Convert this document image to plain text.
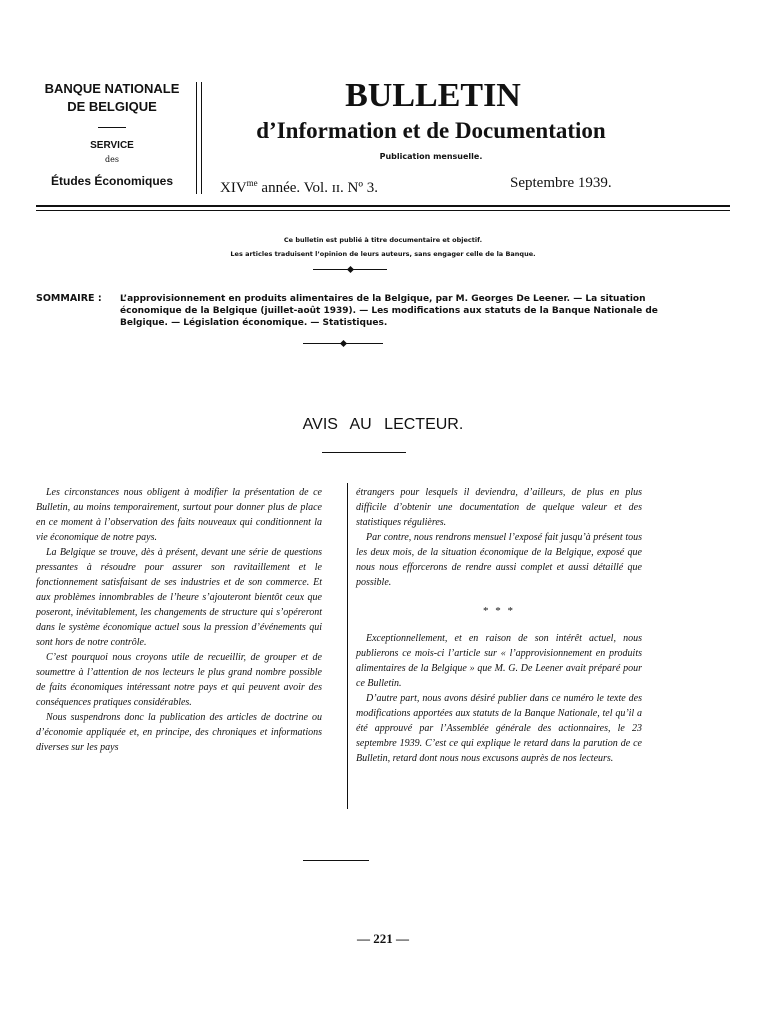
BANQUE NATIONALE DE BELGIQUE
SERVICE
des
Études Économiques
BULLETIN
d’Information et de Documentation
Publication mensuelle.
$XIV^{me}$ année. Vol. ɪɪ. Nº 3.	Septembre 1939.
Ce bulletin est publié à titre documentaire et objectif.
Les articles traduisent l’opinion de leurs auteurs, sans engager celle de la Banque.
SOMMAIRE : L’approvisionnement en produits alimentaires de la Belgique, par M. Georges De Leener. — La situation économique de la Belgique (juillet-août 1939). — Les modifications aux statuts de la Banque Nationale de Belgique. — Législation économique. — Statistiques.
AVIS AU LECTEUR.

Les circonstances nous obligent à modifier la présentation de ce Bulletin, au moins temporairement, surtout pour donner plus de place en ce moment à l’observation des faits nouveaux qui conditionnent la vie économique de notre pays.

La Belgique se trouve, dès à présent, devant une série de questions pressantes à résoudre pour assurer son ravitaillement et le fonctionnement satisfaisant de ses industries et de son commerce. Et aux problèmes innombrables de l’heure s’ajouteront bientôt ceux que poseront, inévitablement, les changements de structure qui s’opéreront dans le système économique actuel sous la pression d’événements qui sont hors de notre contrôle.

C’est pourquoi nous croyons utile de recueillir, de grouper et de soumettre à l’attention de nos lecteurs le plus grand nombre possible de faits économiques intéressant notre pays et qui peuvent avoir des conséquences pratiques considérables.

Nous suspendrons donc la publication des articles de doctrine ou d’économie appliquée et, en principe, des chroniques et informations diverses sur les pays

étrangers pour lesquels il deviendra, d’ailleurs, de plus en plus difficile d’obtenir une documentation de quelque valeur et des statistiques régulières.

Par contre, nous rendrons mensuel l’exposé fait jusqu’à présent tous les deux mois, de la situation économique de la Belgique, exposé que nous nous efforcerons de rendre aussi complet et aussi détaillé que possible.

* * *

Exceptionnellement, et en raison de son intérêt actuel, nous publierons ce mois-ci l’article sur « l’approvisionnement en produits alimentaires de la Belgique » que M. G. De Leener avait préparé pour ce Bulletin.

D’autre part, nous avons désiré publier dans ce numéro le texte des modifications apportées aux statuts de la Banque Nationale, tel qu’il a été approuvé par l’Assemblée générale des actionnaires, le 23 septembre 1939. C’est ce qui explique le retard dans la parution de ce Bulletin, retard dont nous nous excusons auprès de nos lecteurs.

— 221 —
